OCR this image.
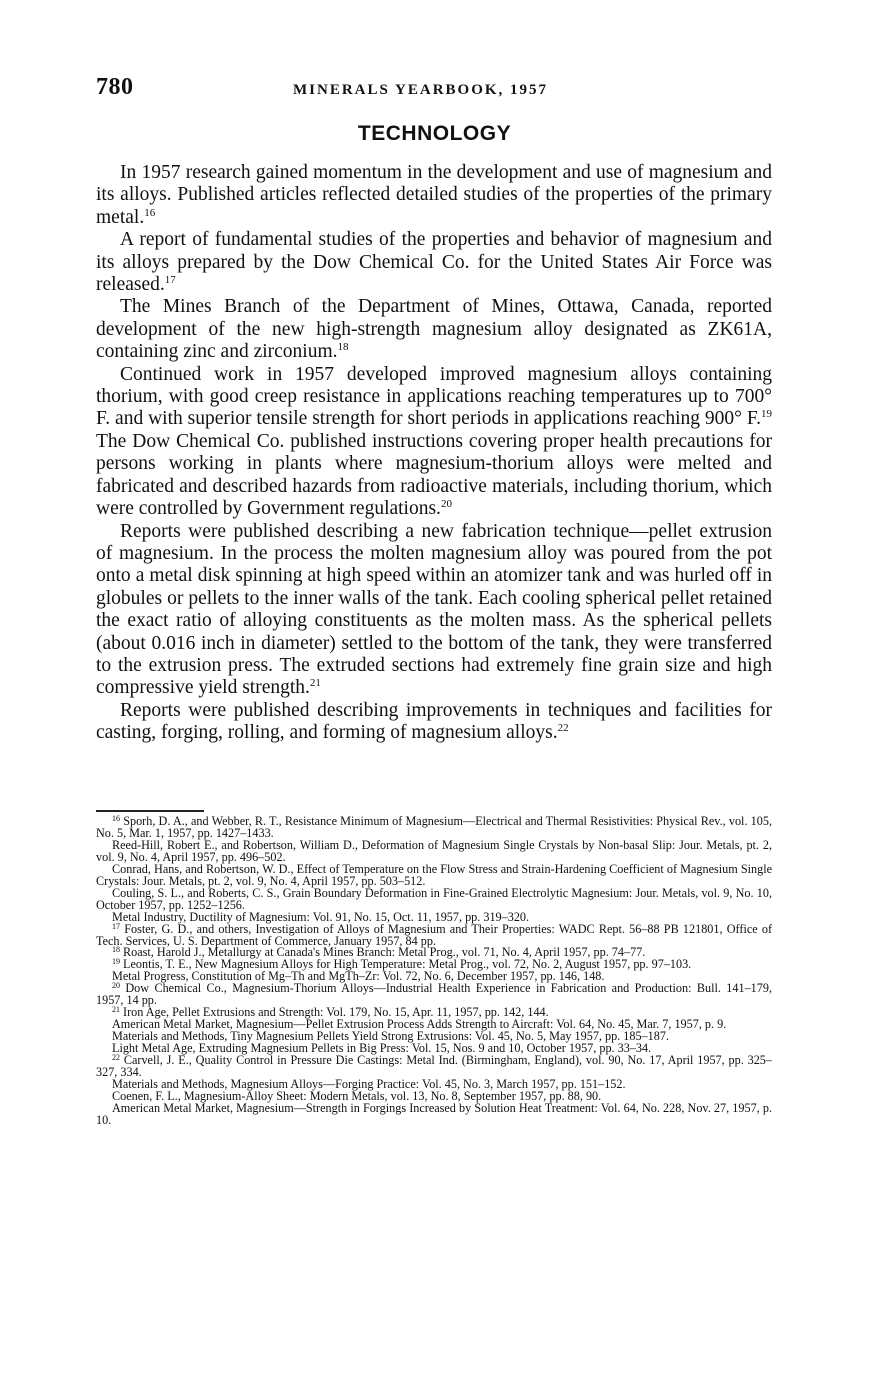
780	MINERALS YEARBOOK, 1957
TECHNOLOGY

In 1957 research gained momentum in the development and use of magnesium and its alloys. Published articles reflected detailed studies of the properties of the primary metal.$^{16}$

A report of fundamental studies of the properties and behavior of magnesium and its alloys prepared by the Dow Chemical Co. for the United States Air Force was released.$^{17}$

The Mines Branch of the Department of Mines, Ottawa, Canada, reported development of the new high-strength magnesium alloy designated as ZK61A, containing zinc and zirconium.$^{18}$

Continued work in 1957 developed improved magnesium alloys containing thorium, with good creep resistance in applications reaching temperatures up to 700° F. and with superior tensile strength for short periods in applications reaching 900° F.$^{19}$ The Dow Chemical Co. published instructions covering proper health precautions for persons working in plants where magnesium-thorium alloys were melted and fabricated and described hazards from radioactive materials, including thorium, which were controlled by Government regulations.$^{20}$

Reports were published describing a new fabrication technique—pellet extrusion of magnesium. In the process the molten magnesium alloy was poured from the pot onto a metal disk spinning at high speed within an atomizer tank and was hurled off in globules or pellets to the inner walls of the tank. Each cooling spherical pellet retained the exact ratio of alloying constituents as the molten mass. As the spherical pellets (about 0.016 inch in diameter) settled to the bottom of the tank, they were transferred to the extrusion press. The extruded sections had extremely fine grain size and high compressive yield strength.$^{21}$

Reports were published describing improvements in techniques and facilities for casting, forging, rolling, and forming of magnesium alloys.$^{22}$

$^{16}$ Sporh, D. A., and Webber, R. T., Resistance Minimum of Magnesium—Electrical and Thermal Resistivities: Physical Rev., vol. 105, No. 5, Mar. 1, 1957, pp. 1427–1433.

Reed-Hill, Robert E., and Robertson, William D., Deformation of Magnesium Single Crystals by Non-basal Slip: Jour. Metals, pt. 2, vol. 9, No. 4, April 1957, pp. 496–502.

Conrad, Hans, and Robertson, W. D., Effect of Temperature on the Flow Stress and Strain-Hardening Coefficient of Magnesium Single Crystals: Jour. Metals, pt. 2, vol. 9, No. 4, April 1957, pp. 503–512.

Couling, S. L., and Roberts, C. S., Grain Boundary Deformation in Fine-Grained Electrolytic Magnesium: Jour. Metals, vol. 9, No. 10, October 1957, pp. 1252–1256.

Metal Industry, Ductility of Magnesium: Vol. 91, No. 15, Oct. 11, 1957, pp. 319–320.

$^{17}$ Foster, G. D., and others, Investigation of Alloys of Magnesium and Their Properties: WADC Rept. 56–88 PB 121801, Office of Tech. Services, U. S. Department of Commerce, January 1957, 84 pp.

$^{18}$ Roast, Harold J., Metallurgy at Canada's Mines Branch: Metal Prog., vol. 71, No. 4, April 1957, pp. 74–77.

$^{19}$ Leontis, T. E., New Magnesium Alloys for High Temperature: Metal Prog., vol. 72, No. 2, August 1957, pp. 97–103.

Metal Progress, Constitution of Mg–Th and MgTh–Zr: Vol. 72, No. 6, December 1957, pp. 146, 148.

$^{20}$ Dow Chemical Co., Magnesium-Thorium Alloys—Industrial Health Experience in Fabrication and Production: Bull. 141–179, 1957, 14 pp.

$^{21}$ Iron Age, Pellet Extrusions and Strength: Vol. 179, No. 15, Apr. 11, 1957, pp. 142, 144.

American Metal Market, Magnesium—Pellet Extrusion Process Adds Strength to Aircraft: Vol. 64, No. 45, Mar. 7, 1957, p. 9.

Materials and Methods, Tiny Magnesium Pellets Yield Strong Extrusions: Vol. 45, No. 5, May 1957, pp. 185–187.

Light Metal Age, Extruding Magnesium Pellets in Big Press: Vol. 15, Nos. 9 and 10, October 1957, pp. 33–34.

$^{22}$ Carvell, J. E., Quality Control in Pressure Die Castings: Metal Ind. (Birmingham, England), vol. 90, No. 17, April 1957, pp. 325–327, 334.

Materials and Methods, Magnesium Alloys—Forging Practice: Vol. 45, No. 3, March 1957, pp. 151–152.

Coenen, F. L., Magnesium-Alloy Sheet: Modern Metals, vol. 13, No. 8, September 1957, pp. 88, 90.

American Metal Market, Magnesium—Strength in Forgings Increased by Solution Heat Treatment: Vol. 64, No. 228, Nov. 27, 1957, p. 10.
